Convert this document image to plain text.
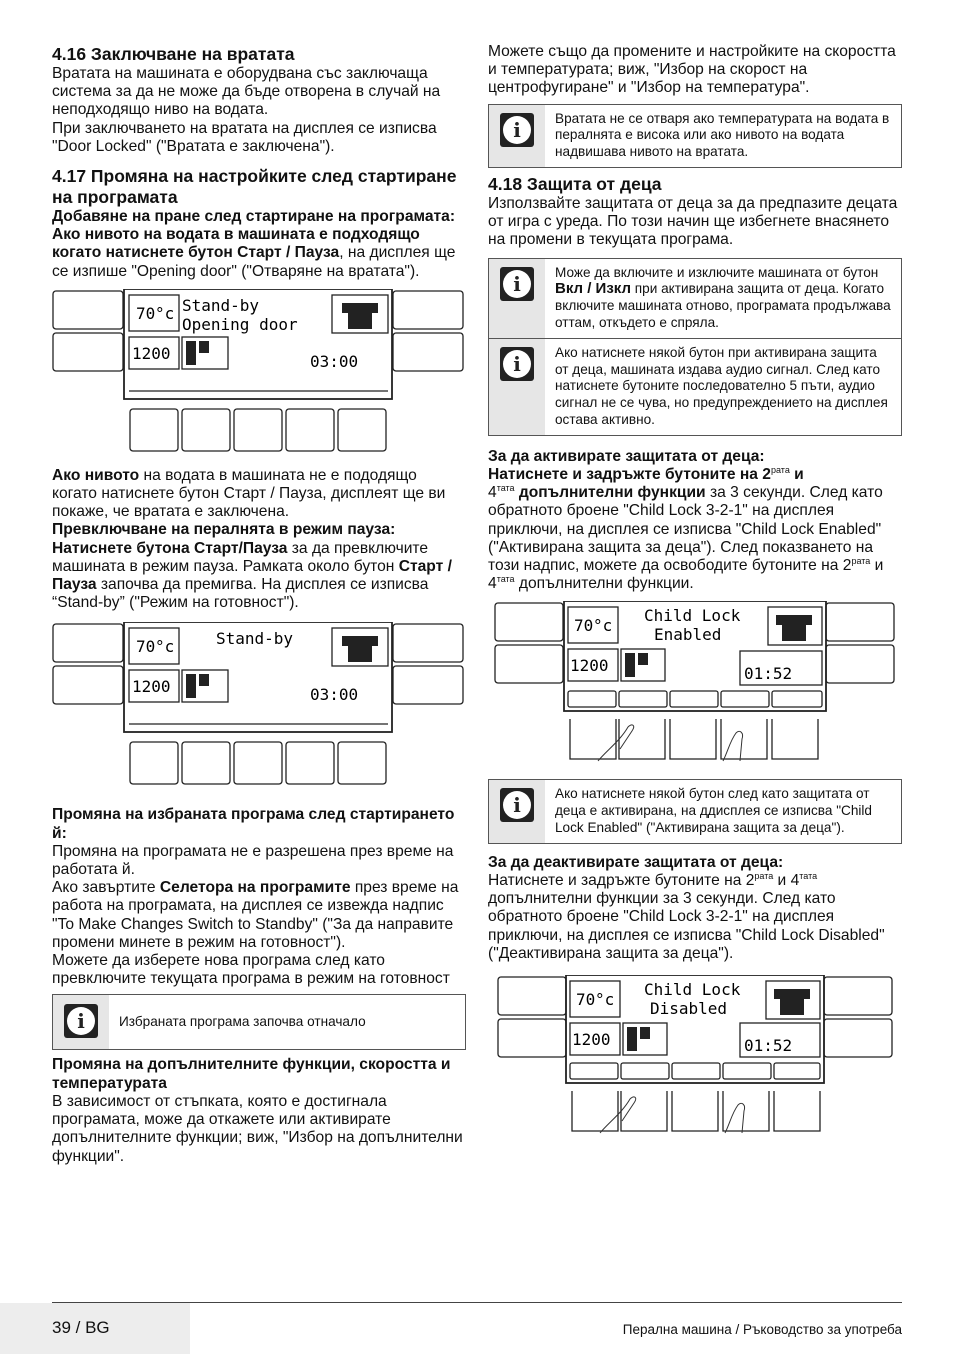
4.16 Заключване на вратата

Вратата на машината е оборудвана със заключаща система за да не може да бъде отворена в случай на неподходящо ниво на водата.

При заключването на вратата на дисплея се изписва "Door Locked" ("Вратата е заключена").

4.17 Промяна на настройките след стартиране на програмата

Добавяне на пране след стартиране на програмата:

Ако нивото на водата в машината е подходящо когато натиснете бутон Старт / Пауза, на дисплея ще се изпише "Opening door" ("Отваряне на вратата").

70 °c
1200
Stand-by
Opening door
03:00

Ако нивото на водата в машината не е пододящо когато натиснете бутон Старт / Пауза, дисплеят ще ви покаже, че вратата е заключена.

Превключване на пералнята в режим пауза:

Натиснете бутона Старт/Пауза за да превключите машината в режим пауза. Рамката около бутон Старт / Пауза започва да премигва. На дисплея се изписва “Stand-by” ("Режим на готовност").

70 °c
1200
Stand-by
03:00

Промяна на избраната програма след стартирането й:

Промяна на програмата не е разрешена през време на работата й.

Ако завъртите Селетора на програмите през време на работа на програмата, на дисплея се извежда надпис "To Make Changes Switch to Standby" ("За да направите промени минете в режим на готовност").

Можете да изберете нова програма след като превключите текущата програма в режим на готовност

i	Избраната програма започва отначало

Промяна на допълнителните функции, скоростта и температурата

В зависимост от стъпката, която е достигнала програмата, може да откажете или активирате допълнителните функции; виж, "Избор на допълнителни функции".

Можете също да промените и настройките на скоростта и температурата; виж, "Избор на скорост на центрофугиране" и "Избор на температура".

i	Вратата не се отваря ако температурата на водата в пералнята е висока или ако нивото на водата надвишава нивото на вратата.
4.18 Защита от деца

Използвайте защитата от деца за да предпазите децата от игра с уреда. По този начин ще избегнете внасянето на промени в текущата програма.

i	Може да включите и изключите машината от бутон Вкл / Изкл при активирана защита от деца. Когато включите машината отново, програмата продължава оттам, откъдето е спряла.
i	Ако натиснете някой бутон при активирана защита от деца, машината издава аудио сигнал. След като натиснете бутоните последователно 5 пъти, аудио сигнал не се чува, но предупреждението на дисплея остава активно.

За да активирате защитата от деца:

Натиснете и задръжте бутоните на $2^{рата}$ и
$4^{тата}$ допълнителни функции за 3 секунди. След като обратното броене "Child Lock 3-2-1" на дисплея приключи, на дисплея се изписва "Child Lock Enabled" ("Активирана защита за деца"). След показването на този надпис, можете да освободите бутоните на $2^{рата}$ и $4^{тата}$ допълнителни функции.

70 °c
1200
Child Lock
Enabled
01:52
i	Ако натиснете някой бутон след като защитата от деца е активирана, на ддисплея се изписва "Child Lock Enabled" ("Активирана защита за деца").

За да деактивирате защитата от деца:

Натиснете и задръжте бутоните на $2^{рата}$ и $4^{тата}$ допълнителни функции за 3 секунди. След като обратното броене "Child Lock 3-2-1" на дисплея приключи, на дисплея се изписва "Child Lock Disabled" ("Деактивирана защита за деца").

70 °c
1200
Child Lock
Disabled
01:52
39 / BG	Перална машина / Ръководство за употреба
